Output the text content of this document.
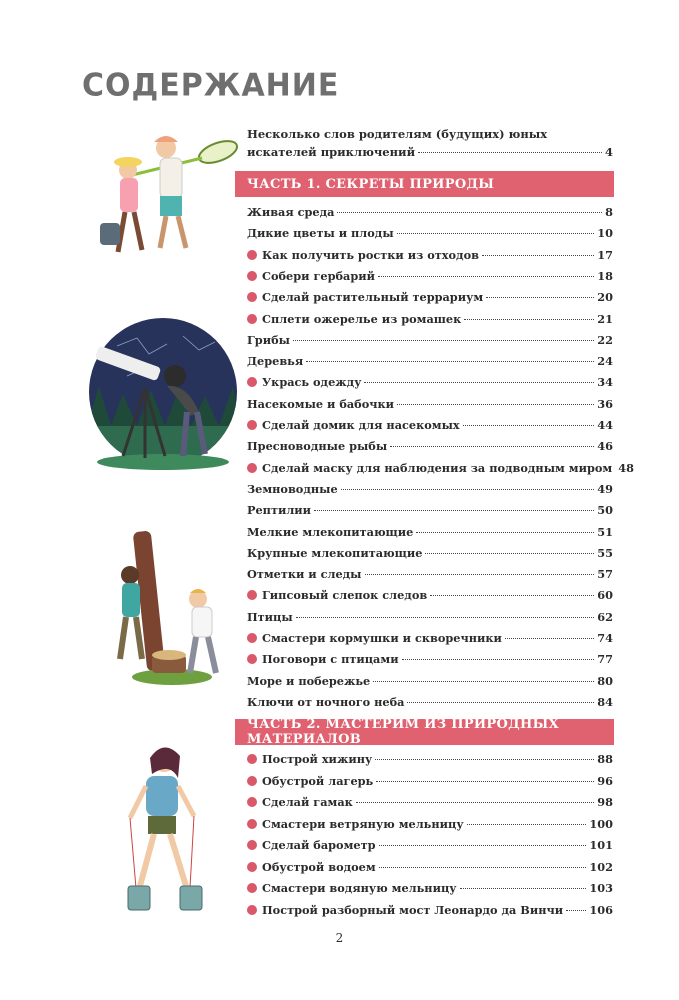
СОДЕРЖАНИЕ
Несколько слов родителям (будущих) юных
искателей приключений	4
ЧАСТЬ 1. СЕКРЕТЫ ПРИРОДЫ
Живая среда	8
Дикие цветы и плоды	10
Как получить ростки из отходов	17
Собери гербарий	18
Сделай растительный террариум	20
Сплети ожерелье из ромашек	21
Грибы	22
Деревья	24
Укрась одежду	34
Насекомые и бабочки	36
Сделай домик для насекомых	44
Пресноводные рыбы	46
Сделай маску для наблюдения за подводным миром 48
Земноводные	49
Рептилии	50
Мелкие млекопитающие	51
Крупные млекопитающие	55
Отметки и следы	57
Гипсовый слепок следов	60
Птицы	62
Смастери кормушки и скворечники	74
Поговори с птицами	77
Море и побережье	80
Ключи от ночного неба	84
ЧАСТЬ 2. МАСТЕРИМ ИЗ ПРИРОДНЫХ МАТЕРИАЛОВ
Построй хижину	88
Обустрой лагерь	96
Сделай гамак	98
Смастери ветряную мельницу	100
Сделай барометр	101
Обустрой водоем	102
Смастери водяную мельницу	103
Построй разборный мост Леонардо да Винчи 106
2
